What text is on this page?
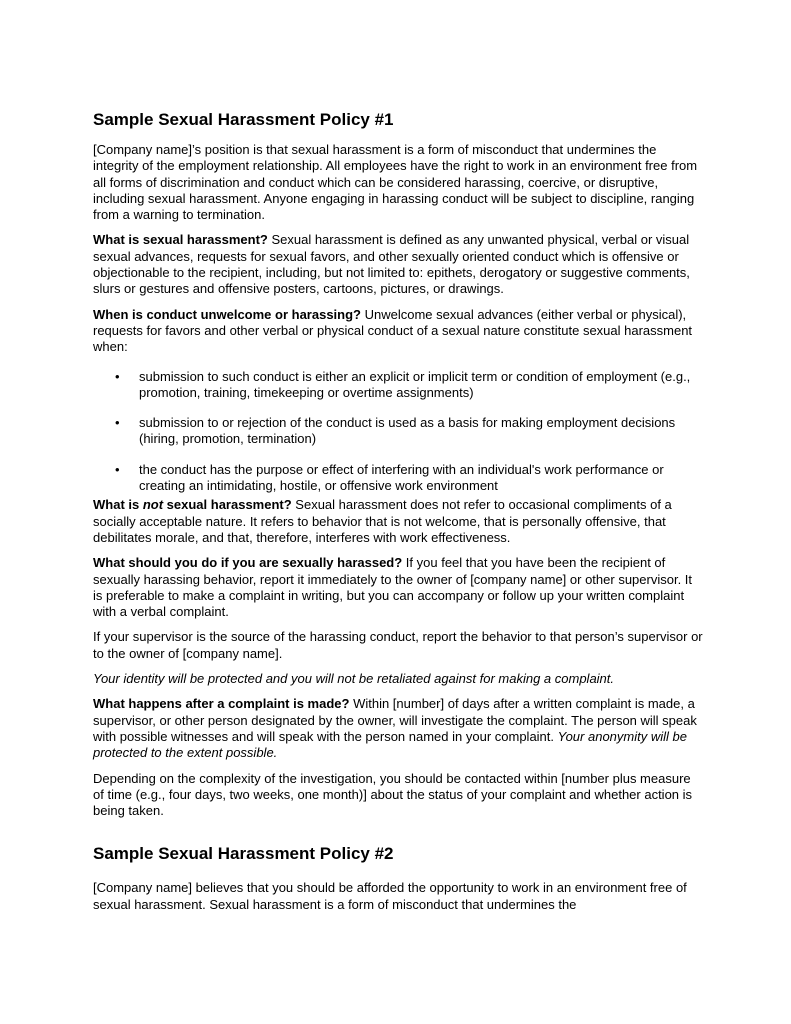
Sample Sexual Harassment Policy #1

[Company name]’s position is that sexual harassment is a form of misconduct that undermines the integrity of the employment relationship. All employees have the right to work in an environment free from all forms of discrimination and conduct which can be considered harassing, coercive, or disruptive, including sexual harassment. Anyone engaging in harassing conduct will be subject to discipline, ranging from a warning to termination.

What is sexual harassment? Sexual harassment is defined as any unwanted physical, verbal or visual sexual advances, requests for sexual favors, and other sexually oriented conduct which is offensive or objectionable to the recipient, including, but not limited to: epithets, derogatory or suggestive comments, slurs or gestures and offensive posters, cartoons, pictures, or drawings.

When is conduct unwelcome or harassing? Unwelcome sexual advances (either verbal or physical), requests for favors and other verbal or physical conduct of a sexual nature constitute sexual harassment when:

• submission to such conduct is either an explicit or implicit term or condition of employment (e.g., promotion, training, timekeeping or overtime assignments)
• submission to or rejection of the conduct is used as a basis for making employment decisions (hiring, promotion, termination)
• the conduct has the purpose or effect of interfering with an individual's work performance or creating an intimidating, hostile, or offensive work environment

What is not sexual harassment? Sexual harassment does not refer to occasional compliments of a socially acceptable nature. It refers to behavior that is not welcome, that is personally offensive, that debilitates morale, and that, therefore, interferes with work effectiveness.

What should you do if you are sexually harassed? If you feel that you have been the recipient of sexually harassing behavior, report it immediately to the owner of [company name] or other supervisor. It is preferable to make a complaint in writing, but you can accompany or follow up your written complaint with a verbal complaint.

If your supervisor is the source of the harassing conduct, report the behavior to that person’s supervisor or to the owner of [company name].

Your identity will be protected and you will not be retaliated against for making a complaint.

What happens after a complaint is made? Within [number] of days after a written complaint is made, a supervisor, or other person designated by the owner, will investigate the complaint. The person will speak with possible witnesses and will speak with the person named in your complaint. Your anonymity will be protected to the extent possible.

Depending on the complexity of the investigation, you should be contacted within [number plus measure of time (e.g., four days, two weeks, one month)] about the status of your complaint and whether action is being taken.

Sample Sexual Harassment Policy #2

[Company name] believes that you should be afforded the opportunity to work in an environment free of sexual harassment. Sexual harassment is a form of misconduct that undermines the
